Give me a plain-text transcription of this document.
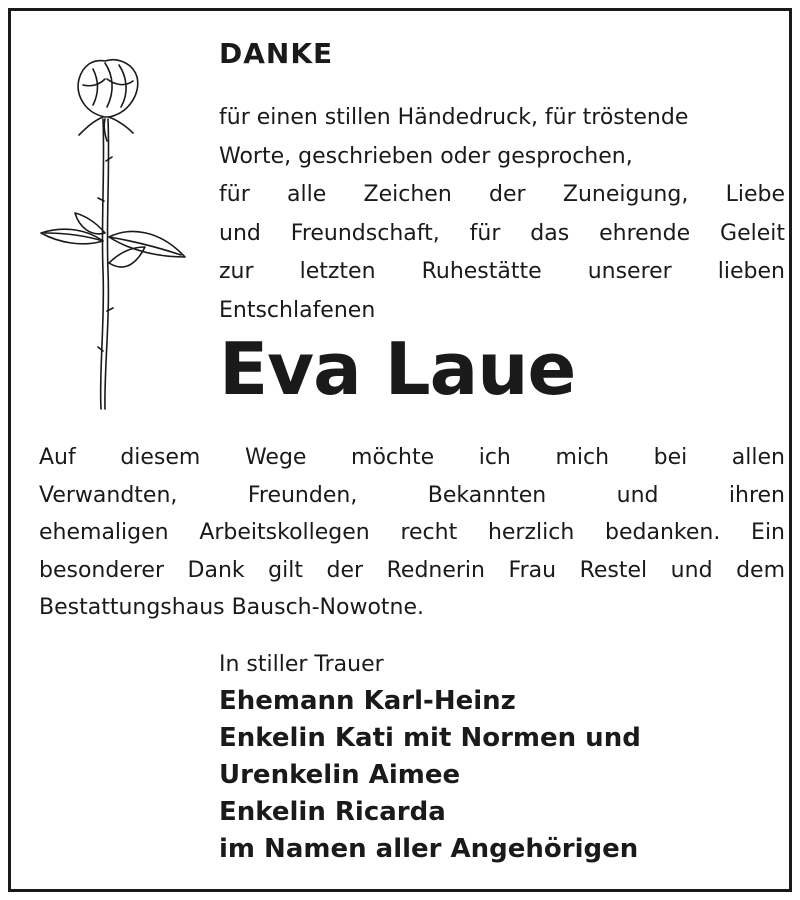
DANKE
für einen stillen Händedruck, für tröstende
Worte, geschrieben oder gesprochen,
für alle Zeichen der Zuneigung, Liebe
und Freundschaft, für das ehrende Geleit
zur letzten Ruhestätte unserer lieben
Entschlafenen
Eva Laue
Auf diesem Wege möchte ich mich bei allen
Verwandten, Freunden, Bekannten und ihren
ehemaligen Arbeitskollegen recht herzlich bedanken. Ein
besonderer Dank gilt der Rednerin Frau Restel und dem
Bestattungshaus Bausch-Nowotne.
In stiller Trauer
Ehemann Karl-Heinz
Enkelin Kati mit Normen und
Urenkelin Aimee
Enkelin Ricarda
im Namen aller Angehörigen
